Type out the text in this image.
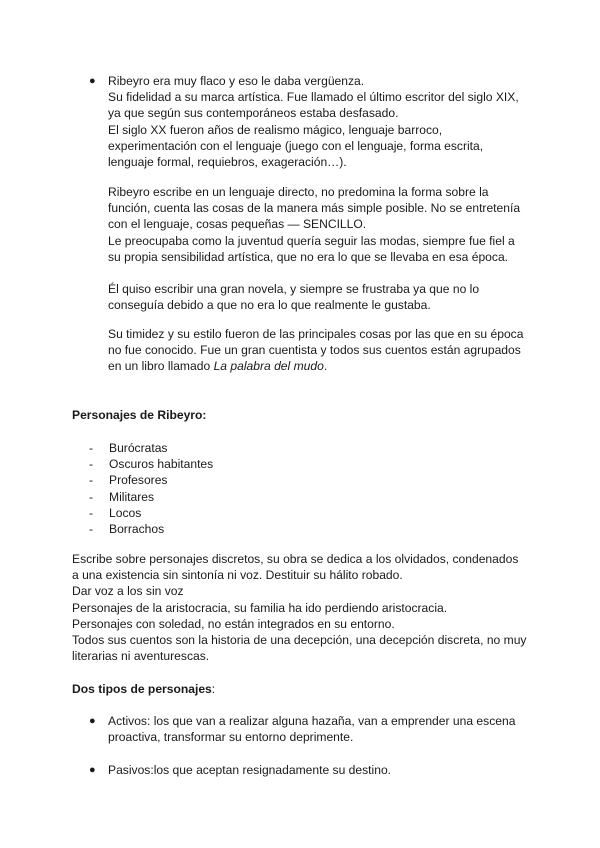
● Ribeyro era muy flaco y eso le daba vergüenza.
Su fidelidad a su marca artística. Fue llamado el último escritor del siglo XIX,
ya que según sus contemporáneos estaba desfasado.
El siglo XX fueron años de realismo mágico, lenguaje barroco,
experimentación con el lenguaje (juego con el lenguaje, forma escrita,
lenguaje formal, requiebros, exageración…).
Ribeyro escribe en un lenguaje directo, no predomina la forma sobre la
función, cuenta las cosas de la manera más simple posible. No se entretenía
con el lenguaje, cosas pequeñas — SENCILLO.
Le preocupaba como la juventud quería seguir las modas, siempre fue fiel a
su propia sensibilidad artística, que no era lo que se llevaba en esa época.
Él quiso escribir una gran novela, y siempre se frustraba ya que no lo
conseguía debido a que no era lo que realmente le gustaba.
Su timidez y su estilo fueron de las principales cosas por las que en su época
no fue conocido. Fue un gran cuentista y todos sus cuentos están agrupados
en un libro llamado La palabra del mudo.
Personajes de Ribeyro:
- Burócratas
- Oscuros habitantes
- Profesores
- Militares
- Locos
- Borrachos
Escribe sobre personajes discretos, su obra se dedica a los olvidados, condenados
a una existencia sin sintonía ni voz. Destituir su hálito robado.
Dar voz a los sin voz
Personajes de la aristocracia, su familia ha ido perdiendo aristocracia.
Personajes con soledad, no están integrados en su entorno.
Todos sus cuentos son la historia de una decepción, una decepción discreta, no muy
literarias ni aventurescas.
Dos tipos de personajes:
● Activos: los que van a realizar alguna hazaña, van a emprender una escena
proactiva, transformar su entorno deprimente.
● Pasivos:los que aceptan resignadamente su destino.
